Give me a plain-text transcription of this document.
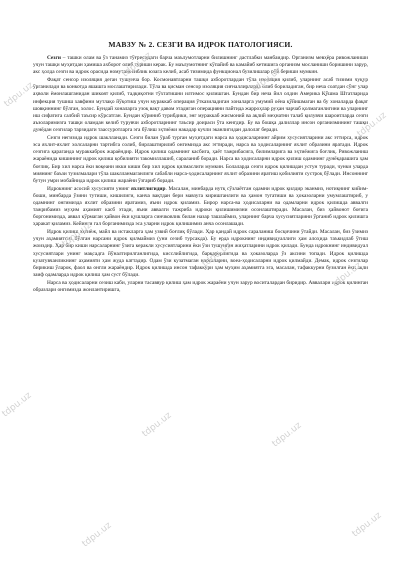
МАВЗУ № 2. СЕЗГИ ВА ИДРОК ПАТОЛОГИЯСИ.

Сезги – ташки олам ва ўз танамиз тўғрисидаги барча маълумотларни билишнинг дастлабки манбаидир. Организм мевҳёра ривожланиши учун ташқи муҳитдан ҳамиша ахборот олиб туриши керак. Бу маълумотнинг кўпайиб ва камайиб кетишига организм мосланиши боришини зарур, акс ҳолда сезги ва идрок орасида номутаносиблик юзага келиб, асаб тизимида функционал бузилишлар рўй бериши мумкин.

Фақат сенсор изоляция деган тушунча бор. Космонавтларни ташқи ахборотлардан тўла изоляция қилиб, уларнинг асаб тизими чуқур ўрганилади ва конкотда яшашга мослаштирилади. Тўла ва қисман сенсор изоляция сиғналлирларда олиб бориладиган, бир неча соатдан сўнг улар аҳволи ёмонлашганидан шикоят қилиб, тадқиқотни тўхтатишни илтимос қилишган. Бундан бир неча йил олдин Америка Қўшма Штатларида инфекция тушиш хавфини мутлақо йўқотиш учун мураккаб операция ўтказиладиган хоналарга умумий оёна қўйишмаган ва бу хоналарда фақат шовқиннинг бўлган, холос. Бундай хоналарга узоқ вақт давом этадиган операцияни пайтида жарроҳлар руҳан чарчаб қолмаганлигини ва уларнинг иш сифатига салбий таъсир кўрсатган. Бундан кўриниб турибдики, энг мураккаб жисмоний ва ақлий меҳнатни талаб қилувчи шароитларда сезги аъзоларимизга ташқи оламдан келиб турувчи ахборотларнинг таъсир доираси ўта кенгдир. Бу ва бошқа далиллар инсон организмининг ташқи дунёдан сезгилар тарзидаги таассуротларга эга бўлиш эҳтиёжи накадар кучли эканлигидан далолат беради.

Сезги негизида идрок шаклланади. Сезги билан ўраб турган муҳитдаги нарса ва ҳодисаларнинг айрим хусусиятларини акс эттирса, идрок эса яхлит-яхлит холсаларни тартибга солиб, бирлаштирилиб онгимизда акс эттиради, нарса ва ҳодисаларнинг яхлит образини яратади. Идрок сезгига қараганда мураккаброк жараёндир. Идрок қилиш одамнинг касбига, ҳаёт тажрибасига, билимларига ва эҳтиёжига боғлиқ. Ривожланиш жараёнида кишининг идрок қилиш қобилияти такомиллашиб, сараланиб боради. Нарса ва ҳодисаларни идрок қилиш одамнинг дунёқарашига ҳам боғлиқ. Бир хил нарса ёки воқеани икки киши бир хил идрок қилмаслиги мумкин. Болаларда сезги идрок қилишдан устун туради, чунки уларда миянинг баъзи тузилмалари тўла шаклланмаганлиги сабабли нарса-ҳодисаларнинг яхлит образини яратиш қобилияти сустроқ бўлади. Инсоннинг бутун умри мобайнида идрок қилиш жараёни ўзгариб боради.

Идрокнинг асосий хусусияти унинг яхлитлигидир. Масалан, минбарда нутқ сўзлаётган одамни идрок қилдир эканмиз, нотиқнинг кийим-боши, минбарда ўзини тутиши, кишилиги, канча вақтдан бери мавзуга киришганлиги ва ҳамон тугатиши ва ҳоказоларни умумлаштириб, у одамнинг онгимизда яхлит образини яратамиз, яъни идрок қиламиз. Бирор нарса-ва ҳодисаларни ва одамларни идрок қилишда аввалги тажрибамиз муҳим аҳамият касб этади, яъни аввалги тажриба идроки қилишимизни осонлаштиради. Масалан, биз ҳайвонот боғига боргонимизда, аввал кўрмаган ҳайвон ёки қушларга синчковлик билан назар ташлаймиз, уларнинг барча хусусиятларини ўрганиб идрок қилишга ҳаракат қиламиз. Кейинги гал борганимизда эса уларни идрок қилишимиз анча осонлашади.

Идрок қилиш эҳтиёж, майл ва истакларга ҳам узвий боғлиқ бўлади. Ҳар қандай идрок сараланиш босқичини ўтайди. Масалан, биз ўзимиз учун аҳамиятсиз бўлган нарсани идрок қилмаймиз (уни сезиб турсакда). Бу ерда идрокнинг индивидуаллиги ҳам алоҳида таъкидлаб ўтиш жоиздир. Ҳар бир киши нарсаларнинг ўзига керакли хусусиятларини ёки ўзи тушунган жиҳатларини идрок қилади. Бунда идрокнинг индивидуал хусусиятлари унинг мақсадга йўналтирилганлигида, кисслийлигида, барқарорлигида ва ҳоказоларда ўз аксини топади. Идрок қилишда кузатувчанликнинг аҳамияти ҳам жуда каттадир. Одам ўзи кузатмаган нарсаларни, воеа-ҳодисаларни идрок қилмайди. Демак, идрок сезгилар бирикиш ўларок, фаол ва онгли жараёндир. Идрок қилишда инсон тафаккури ҳам муҳим аҳамиятга эга, масалан, тафаккурни бузилган ёки ақли заиф одамларда идрок қилиш ҳам суст бўлади.

Нарса ва ҳодисаларни сезиш каби, уларни тасаввур қилиш ҳам идрок жараёни учун зарур воситалардан биридир. Аввалари идрок қилинган образлари онгимизда жонлантиришга,

tdpu.uz
tdpu.uz
tdpu.uz
tdpu.uz
tdpu.uz
tdpu.uz
tdpu.uz
tdpu.uz
tdpu.uz	tdpu.uz
tdpu.uz
tdpu.uz
